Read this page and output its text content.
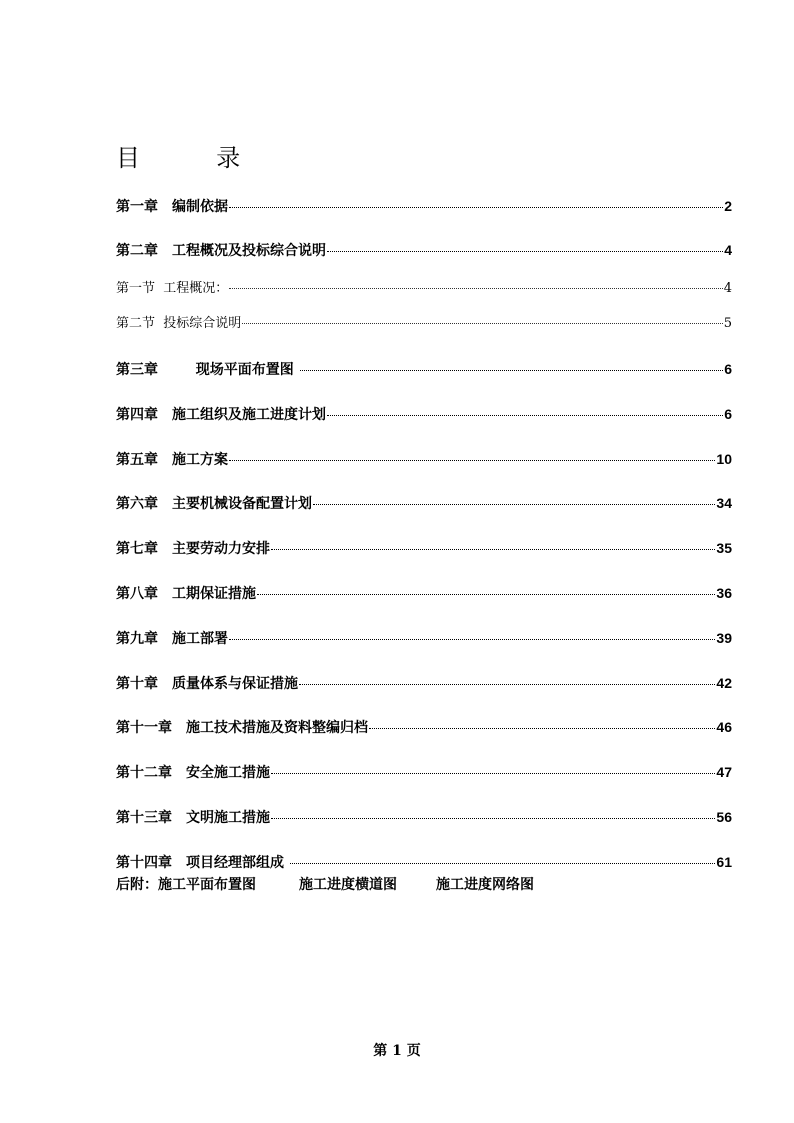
目          录
第一章　编制依据	2
第二章　工程概况及投标综合说明	4
第一节  工程概况：	4
第二节  投标综合说明	5
第三章　　  现场平面布置图	6
第四章　施工组织及施工进度计划	6
第五章　施工方案	10
第六章　主要机械设备配置计划	34
第七章　主要劳动力安排	35
第八章　工期保证措施	36
第九章　施工部署	39
第十章　质量体系与保证措施	42
第十一章　施工技术措施及资料整编归档	46
第十二章　安全施工措施	47
第十三章　文明施工措施	56
第十四章　项目经理部组成	61
后附：施工平面布置图	施工进度横道图	施工进度网络图
第 1 页
